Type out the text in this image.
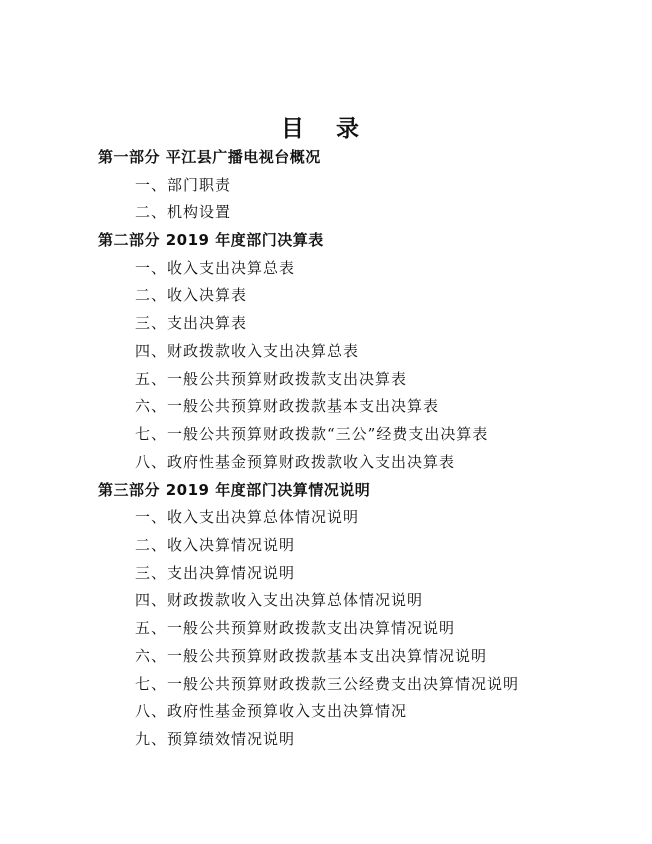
目 录
第一部分 平江县广播电视台概况
一、部门职责
二、机构设置
第二部分 2019 年度部门决算表
一、收入支出决算总表
二、收入决算表
三、支出决算表
四、财政拨款收入支出决算总表
五、一般公共预算财政拨款支出决算表
六、一般公共预算财政拨款基本支出决算表
七、一般公共预算财政拨款“三公”经费支出决算表
八、政府性基金预算财政拨款收入支出决算表
第三部分 2019 年度部门决算情况说明
一、收入支出决算总体情况说明
二、收入决算情况说明
三、支出决算情况说明
四、财政拨款收入支出决算总体情况说明
五、一般公共预算财政拨款支出决算情况说明
六、一般公共预算财政拨款基本支出决算情况说明
七、一般公共预算财政拨款三公经费支出决算情况说明
八、政府性基金预算收入支出决算情况
九、预算绩效情况说明
